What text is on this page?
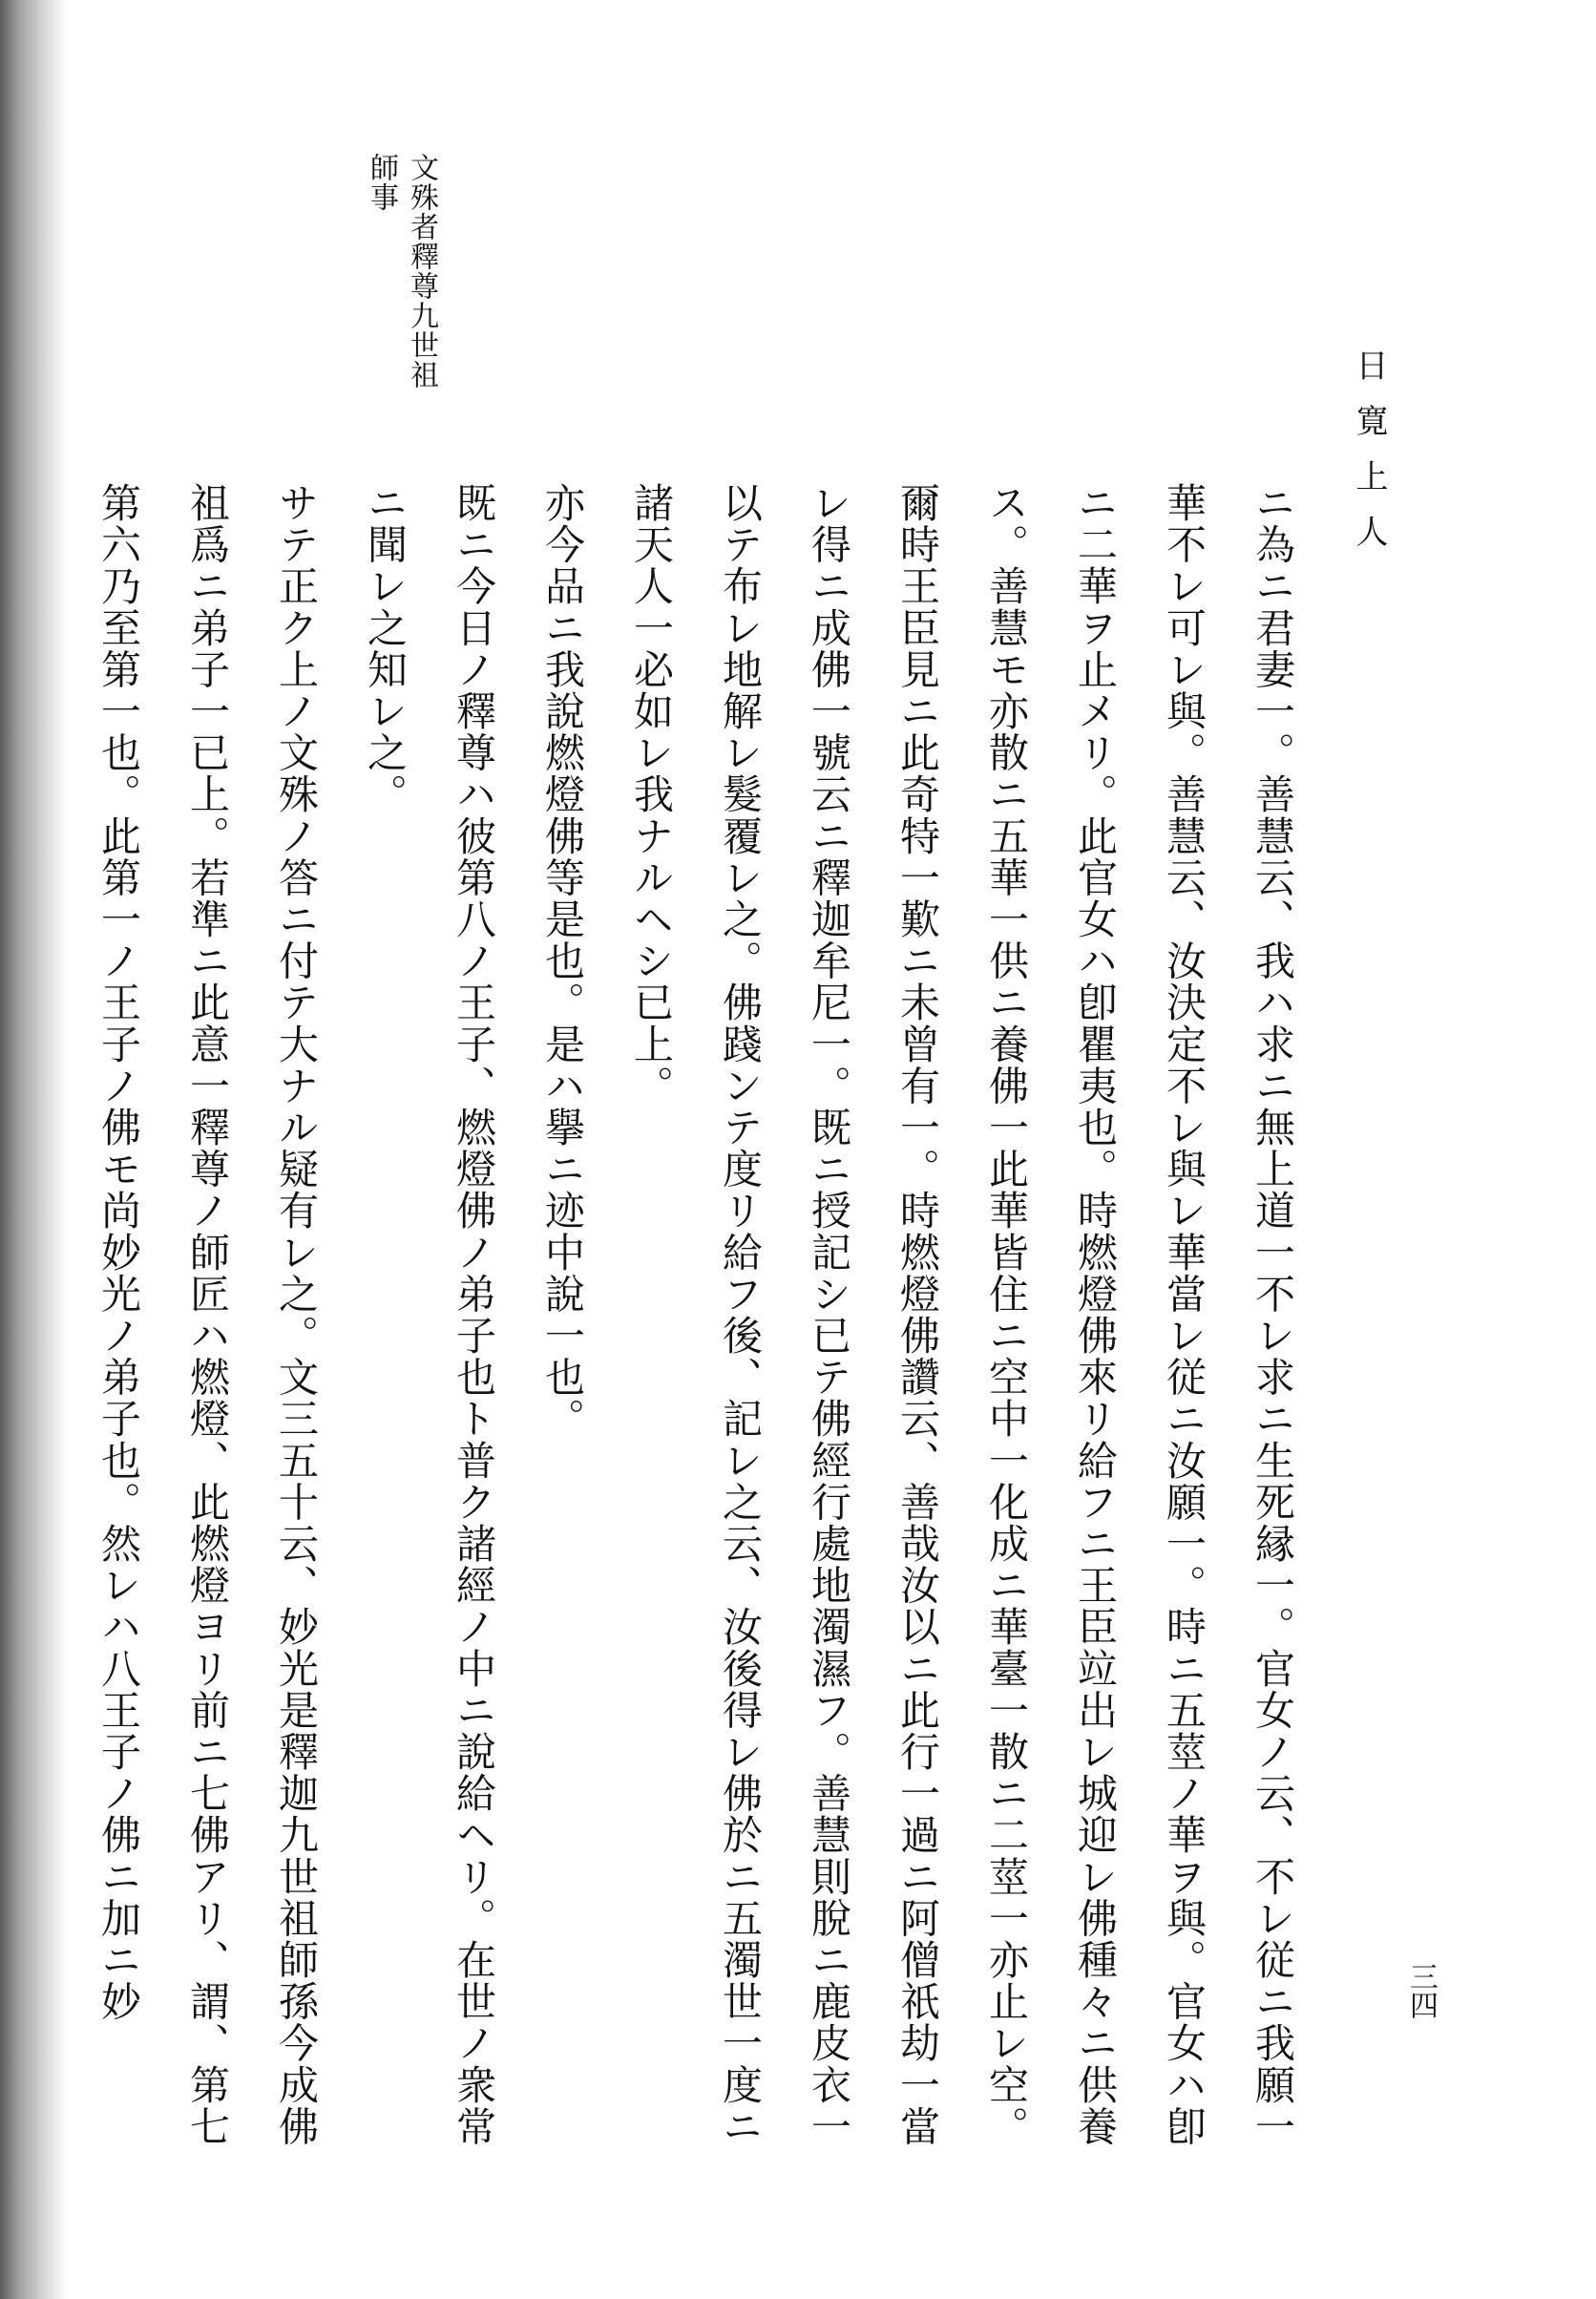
日寛上人
三四
文殊者釋尊九世祖師事

ニ為ニ君妻一。善慧云、我ハ求ニ無上道一不レ求ニ生死縁一。官女ノ云、不レ従ニ我願一華不レ可レ與。善慧云、汝決定不レ與レ華當レ従ニ汝願一。時ニ五莖ノ華ヲ與。官女ハ卽ニ二華ヲ止メリ。此官女ハ卽瞿夷也。時燃燈佛來リ給フニ王臣竝出レ城迎レ佛種々ニ供養ス。善慧モ亦散ニ五華一供ニ養佛一此華皆住ニ空中一化成ニ華臺一散ニ二莖一亦止レ空。爾時王臣見ニ此奇特一歎ニ未曾有一。時燃燈佛讚云、善哉汝以ニ此行一過ニ阿僧祇劫一當レ得ニ成佛一號云ニ釋迦牟尼一。既ニ授記シ已テ佛經行處地濁濕フ。善慧則脫ニ鹿皮衣一以テ布レ地解レ髮覆レ之。佛踐ンテ度リ給フ後、記レ之云、汝後得レ佛於ニ五濁世一度ニ諸天人一必如レ我ナルヘシ已上。

亦今品ニ我說燃燈佛等是也。是ハ擧ニ迹中說一也。

既ニ今日ノ釋尊ハ彼第八ノ王子、燃燈佛ノ弟子也ト普ク諸經ノ中ニ說給ヘリ。在世ノ衆常ニ聞レ之知レ之。

サテ正ク上ノ文殊ノ答ニ付テ大ナル疑有レ之。文三五十云、妙光是釋迦九世祖師孫今成佛祖爲ニ弟子一已上。若準ニ此意一釋尊ノ師匠ハ燃燈、此燃燈ヨリ前ニ七佛アリ、謂、第七第六乃至第一也。此第一ノ王子ノ佛モ尚妙光ノ弟子也。然レハ八王子ノ佛ニ加ニ妙
